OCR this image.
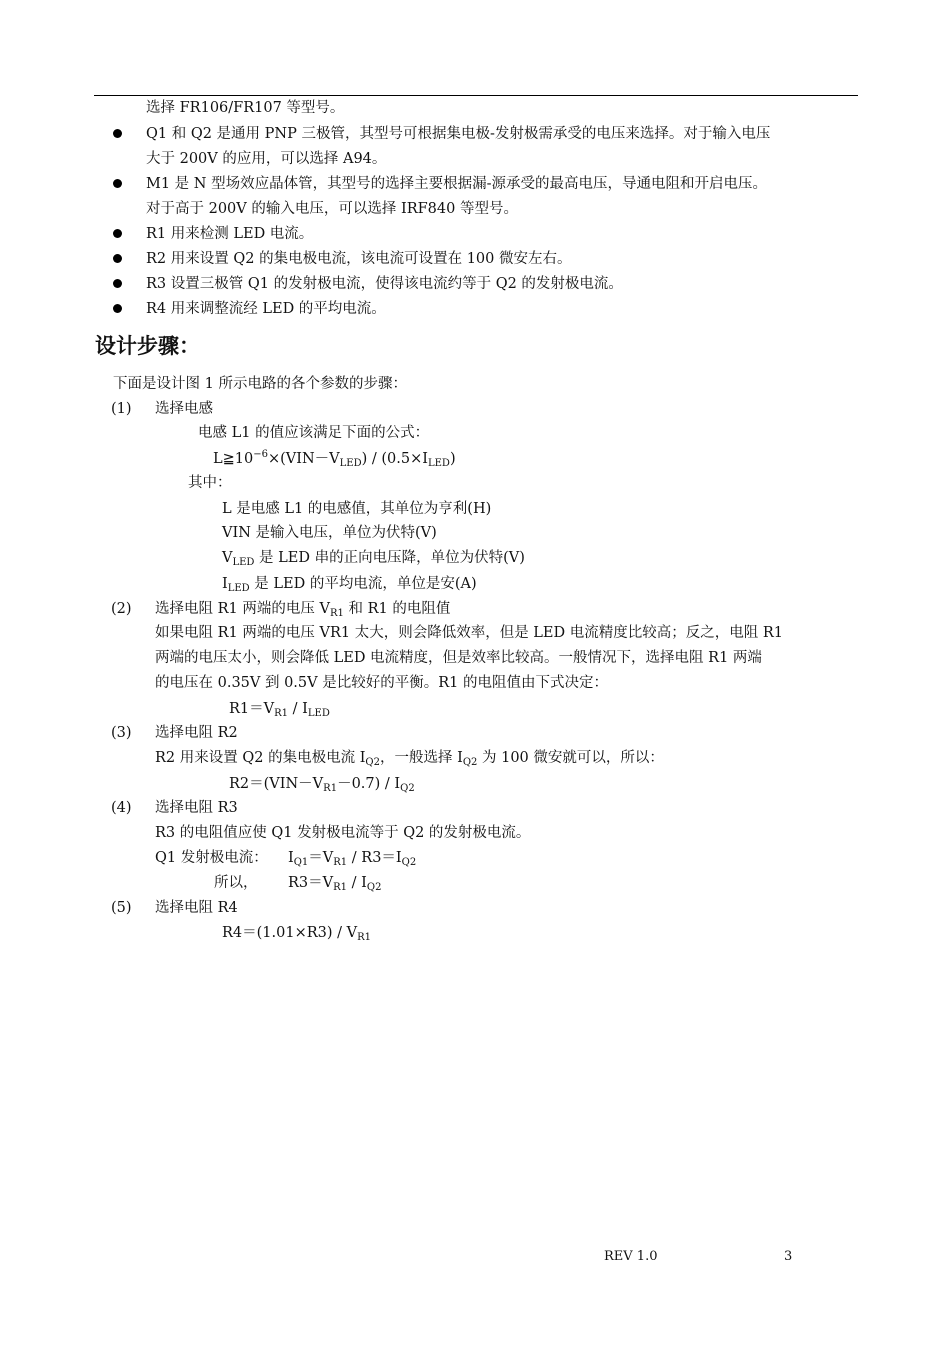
选择 FR106/FR107 等型号。
Q1 和 Q2 是通用 PNP 三极管，其型号可根据集电极-发射极需承受的电压来选择。对于输入电压
大于 200V 的应用，可以选择 A94。
M1 是 N 型场效应晶体管，其型号的选择主要根据漏-源承受的最高电压，导通电阻和开启电压。
对于高于 200V 的输入电压，可以选择 IRF840 等型号。
R1 用来检测 LED 电流。
R2 用来设置 Q2 的集电极电流，该电流可设置在 100 微安左右。
R3 设置三极管 Q1 的发射极电流，使得该电流约等于 Q2 的发射极电流。
R4 用来调整流经 LED 的平均电流。
设计步骤：
下面是设计图 1 所示电路的各个参数的步骤：
(1) 选择电感
电感 L1 的值应该满足下面的公式：
$L≧10^{-6}\times(VIN-V_{LED}) / (0.5\times I_{LED})$
其中：
L 是电感 L1 的电感值，其单位为亨利(H)
VIN 是输入电压，单位为伏特(V)
$V_{LED}$ 是 LED 串的正向电压降，单位为伏特(V)
$I_{LED}$ 是 LED 的平均电流，单位是安(A)
(2) 选择电阻 R1 两端的电压 $V_{R1}$ 和 R1 的电阻值
如果电阻 R1 两端的电压 VR1 太大，则会降低效率，但是 LED 电流精度比较高；反之，电阻 R1
两端的电压太小，则会降低 LED 电流精度，但是效率比较高。一般情况下，选择电阻 R1 两端
的电压在 0.35V 到 0.5V 是比较好的平衡。R1 的电阻值由下式决定：
$R1=V_{R1} / I_{LED}$
(3) 选择电阻 R2
R2 用来设置 Q2 的集电极电流 $I_{Q2}$，一般选择 $I_{Q2}$ 为 100 微安就可以，所以：
$R2=(VIN-V_{R1}-0.7) / I_{Q2}$
(4) 选择电阻 R3
R3 的电阻值应使 Q1 发射极电流等于 Q2 的发射极电流。
Q1 发射极电流： $I_{Q1}=V_{R1} / R3=I_{Q2}$
所以， $R3=V_{R1} / I_{Q2}$
(5) 选择电阻 R4
$R4=(1.01\times R3) / V_{R1}$
REV 1.0	3
